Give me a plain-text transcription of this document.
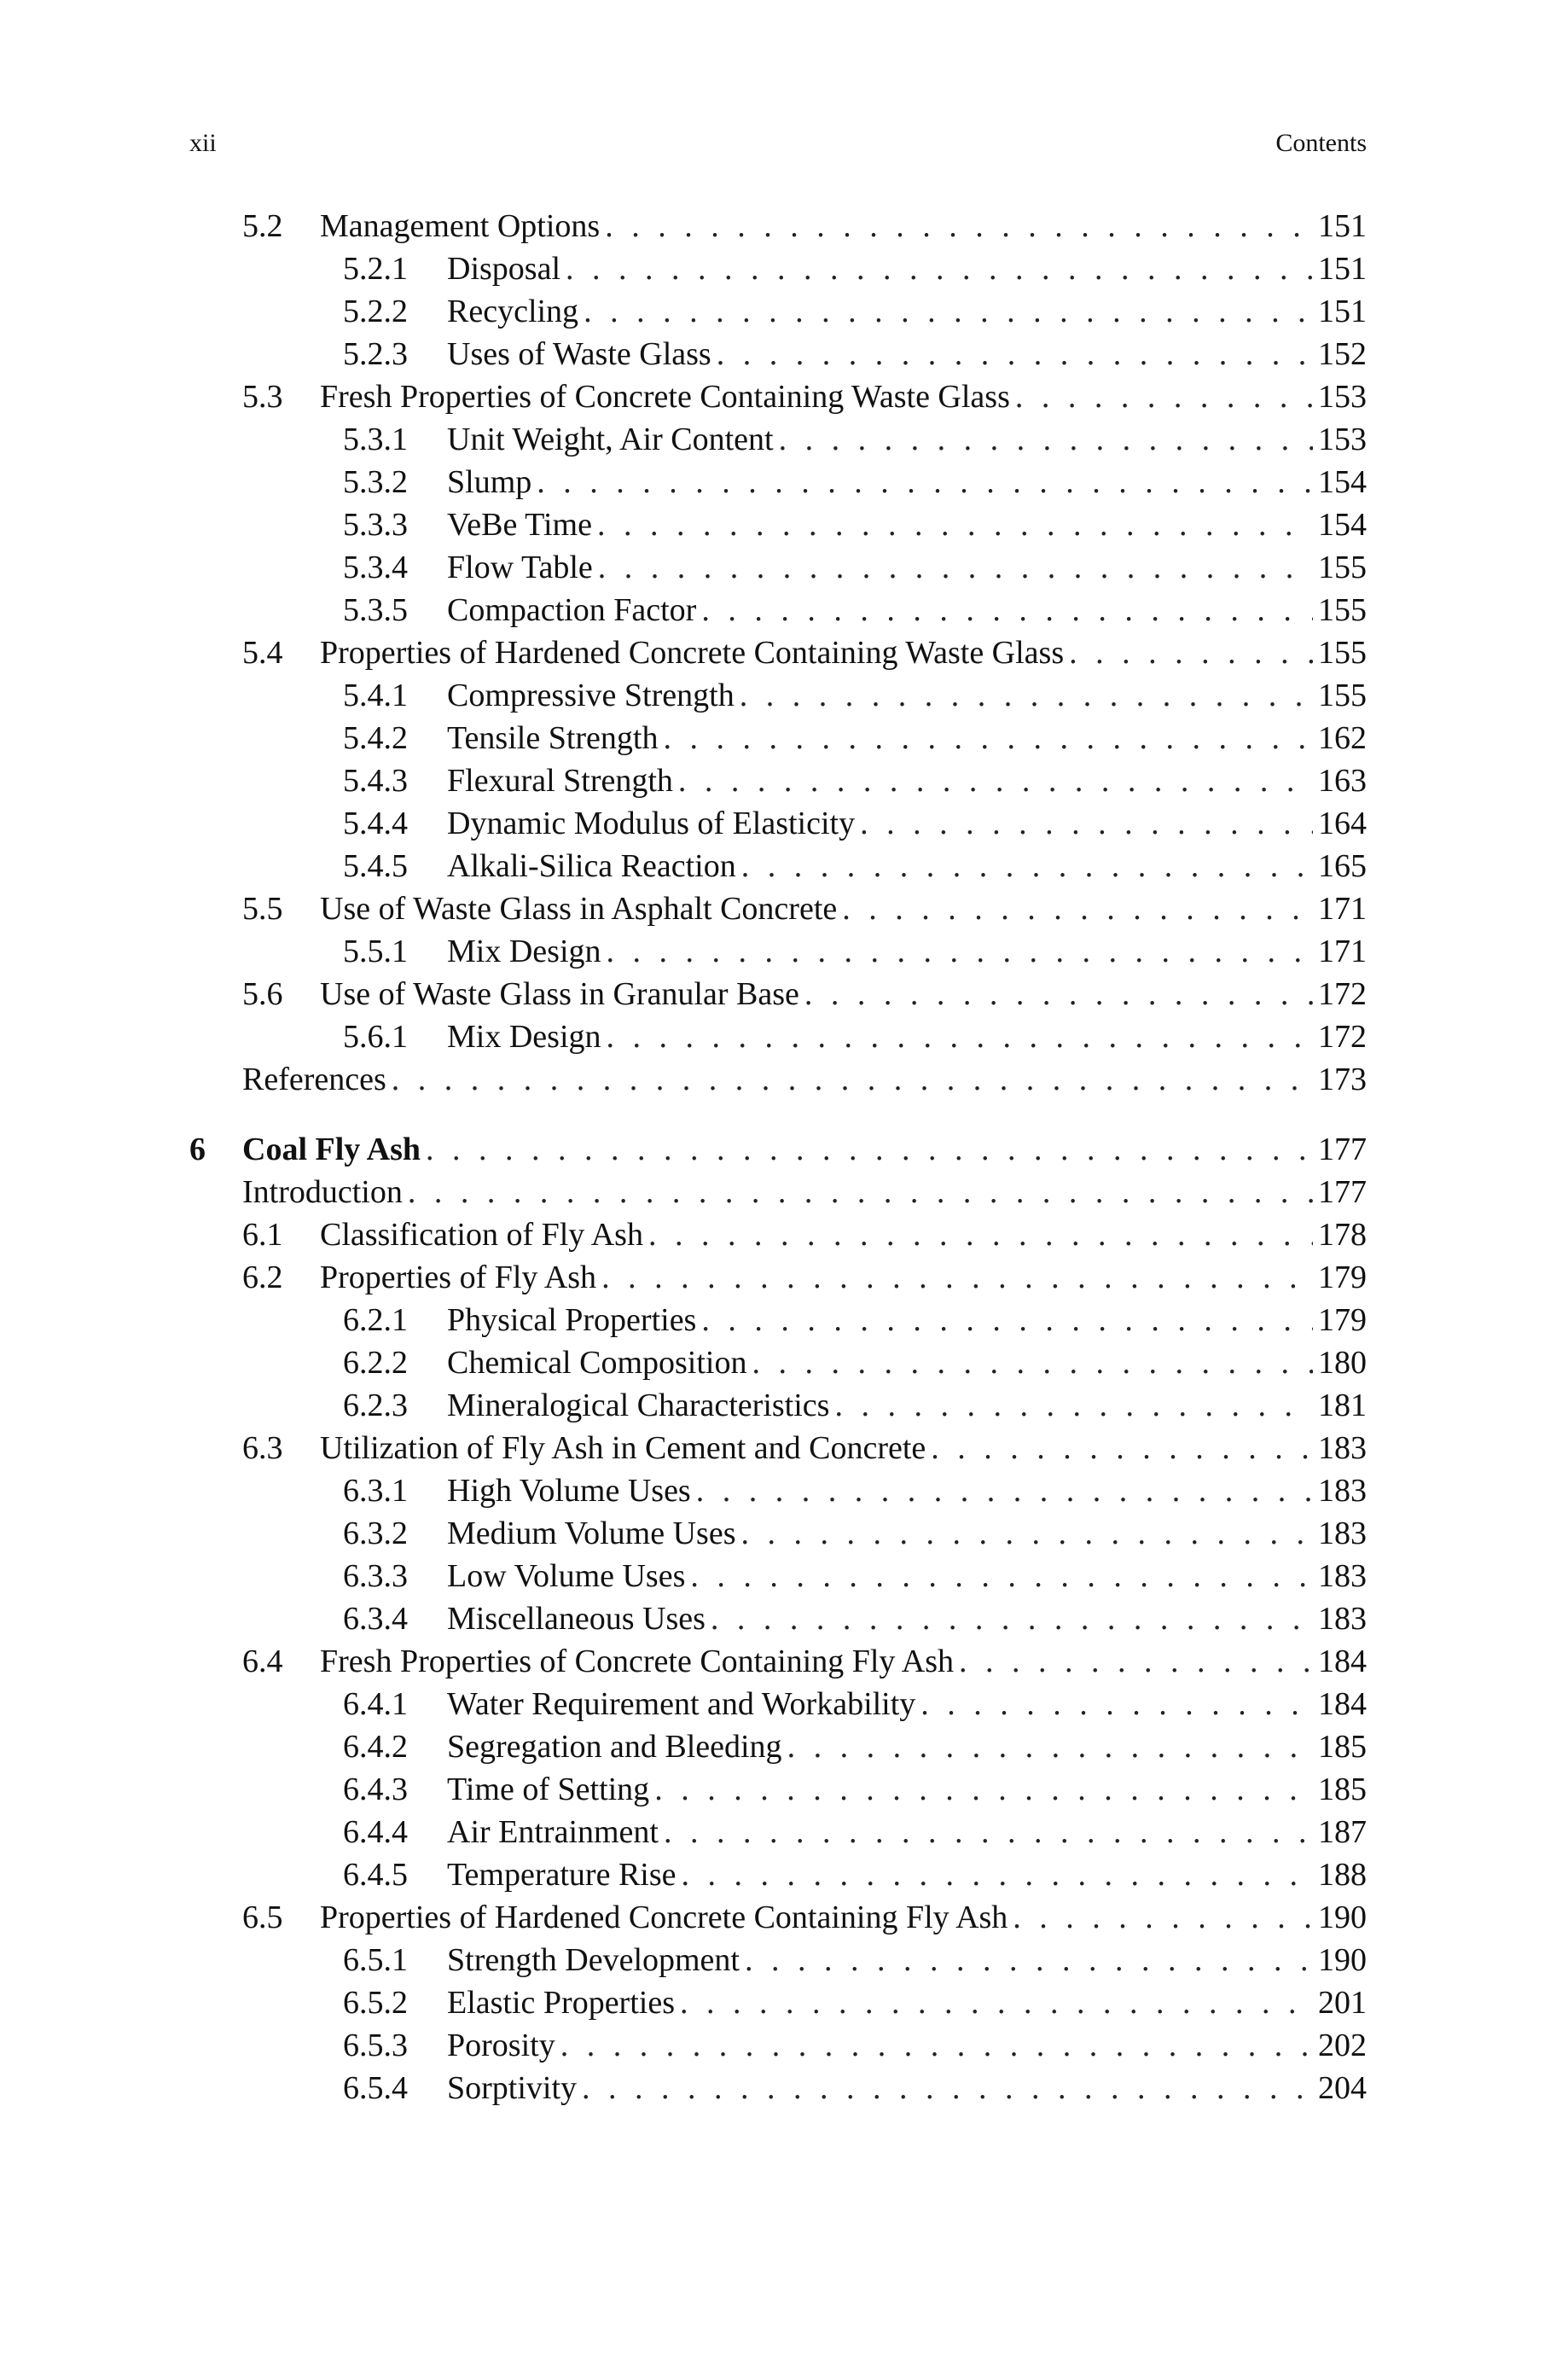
xii	Contents
5.2 Management Options . . .	151
5.2.1 Disposal . . .	151
5.2.2 Recycling . . .	151
5.2.3 Uses of Waste Glass . . .	152
5.3 Fresh Properties of Concrete Containing Waste Glass . . .	153
5.3.1 Unit Weight, Air Content . . .	153
5.3.2 Slump . . .	154
5.3.3 VeBe Time . . .	154
5.3.4 Flow Table . . .	155
5.3.5 Compaction Factor . . .	155
5.4 Properties of Hardened Concrete Containing Waste Glass . . .	155
5.4.1 Compressive Strength . . .	155
5.4.2 Tensile Strength . . .	162
5.4.3 Flexural Strength . . .	163
5.4.4 Dynamic Modulus of Elasticity . . .	164
5.4.5 Alkali-Silica Reaction . . .	165
5.5 Use of Waste Glass in Asphalt Concrete . . .	171
5.5.1 Mix Design . . .	171
5.6 Use of Waste Glass in Granular Base . . .	172
5.6.1 Mix Design . . .	172
References . . .	173
6 Coal Fly Ash . . .	177
Introduction . . .	177
6.1 Classification of Fly Ash . . .	178
6.2 Properties of Fly Ash . . .	179
6.2.1 Physical Properties . . .	179
6.2.2 Chemical Composition . . .	180
6.2.3 Mineralogical Characteristics . . .	181
6.3 Utilization of Fly Ash in Cement and Concrete . . .	183
6.3.1 High Volume Uses . . .	183
6.3.2 Medium Volume Uses . . .	183
6.3.3 Low Volume Uses . . .	183
6.3.4 Miscellaneous Uses . . .	183
6.4 Fresh Properties of Concrete Containing Fly Ash . . .	184
6.4.1 Water Requirement and Workability . . .	184
6.4.2 Segregation and Bleeding . . .	185
6.4.3 Time of Setting . . .	185
6.4.4 Air Entrainment . . .	187
6.4.5 Temperature Rise . . .	188
6.5 Properties of Hardened Concrete Containing Fly Ash . . .	190
6.5.1 Strength Development . . .	190
6.5.2 Elastic Properties . . .	201
6.5.3 Porosity . . .	202
6.5.4 Sorptivity . . .	204
